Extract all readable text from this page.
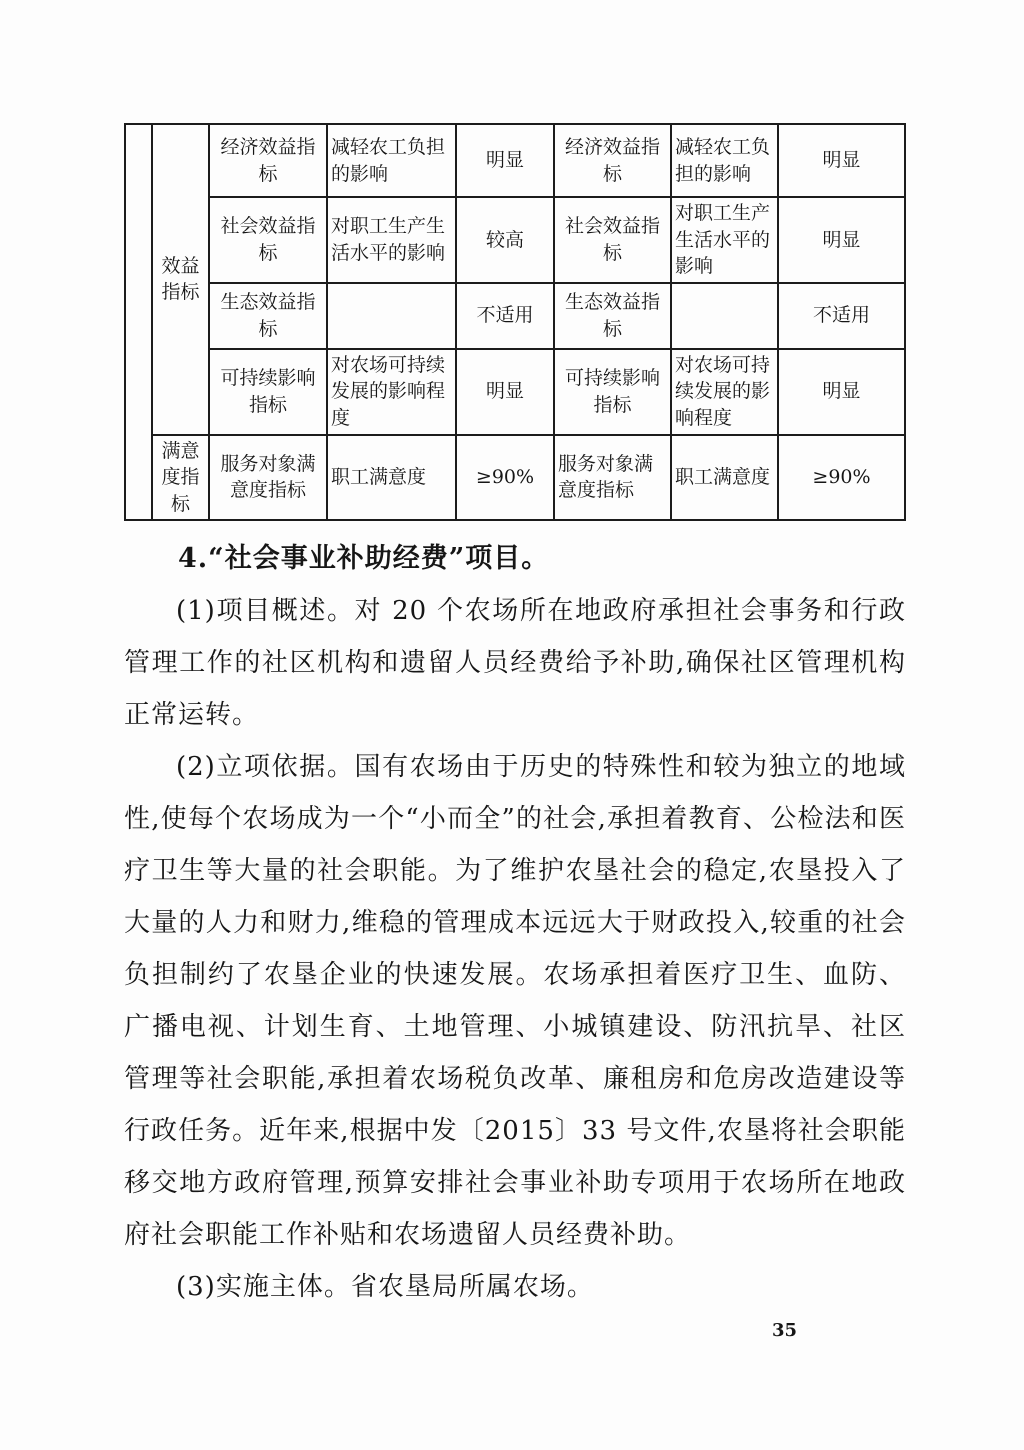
	效益指标	经济效益指标	减轻农工负担的影响	明显	经济效益指标	减轻农工负担的影响	明显
		社会效益指标	对职工生产生活水平的影响	较高	社会效益指标	对职工生产生活水平的影响	明显
		生态效益指标		不适用	生态效益指标		不适用
		可持续影响指标	对农场可持续发展的影响程度	明显	可持续影响指标	对农场可持续发展的影响程度	明显
	满意度指标	服务对象满意度指标	职工满意度	≥90%	服务对象满意度指标	职工满意度	≥90%
4.“社会事业补助经费”项目。

(1)项目概述。对 20 个农场所在地政府承担社会事务和行政管理工作的社区机构和遗留人员经费给予补助,确保社区管理机构正常运转。

(2)立项依据。国有农场由于历史的特殊性和较为独立的地域性,使每个农场成为一个“小而全”的社会,承担着教育、公检法和医疗卫生等大量的社会职能。为了维护农垦社会的稳定,农垦投入了大量的人力和财力,维稳的管理成本远远大于财政投入,较重的社会负担制约了农垦企业的快速发展。农场承担着医疗卫生、血防、广播电视、计划生育、土地管理、小城镇建设、防汛抗旱、社区管理等社会职能,承担着农场税负改革、廉租房和危房改造建设等行政任务。近年来,根据中发〔2015〕33 号文件,农垦将社会职能移交地方政府管理,预算安排社会事业补助专项用于农场所在地政府社会职能工作补贴和农场遗留人员经费补助。

(3)实施主体。省农垦局所属农场。

35
